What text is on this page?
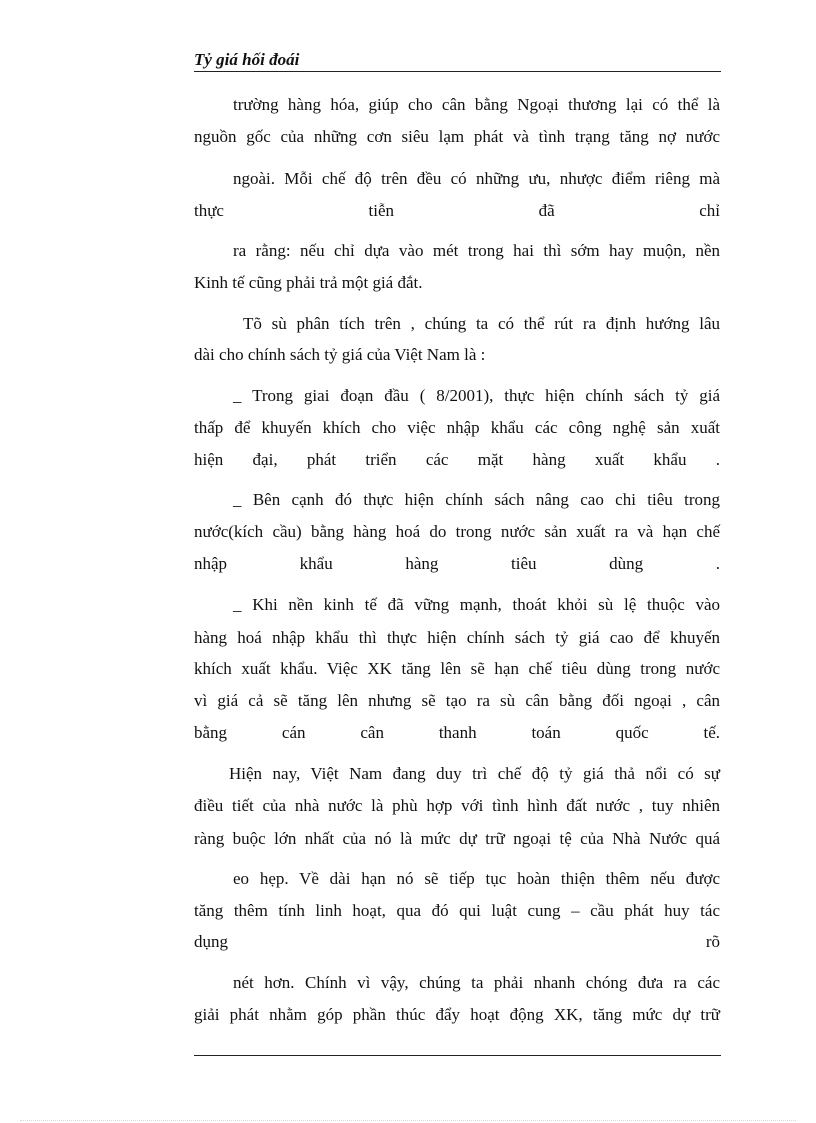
Tỷ giá hối đoái
trường hàng hóa, giúp cho cân bằng Ngoại thương lại có thể là
nguồn gốc của những cơn siêu lạm phát và tình trạng tăng nợ nước
ngoài. Mỗi chế độ trên đều có những ưu, nhược điểm riêng mà
thực tiễn đã chỉ
ra rằng: nếu chỉ dựa vào mét trong hai thì sớm hay muộn, nền
Kinh tế cũng phải trả một giá đắt.
Tõ sù phân tích trên , chúng ta có thể rút ra định hướng lâu
dài cho chính sách tỷ giá của Việt Nam là :
_ Trong giai đoạn đầu ( 8/2001), thực hiện chính sách tỷ giá
thấp để khuyến khích cho việc nhập khẩu các công nghệ sản xuất
hiện đại, phát triển các mặt hàng xuất khẩu .
_ Bên cạnh đó thực hiện chính sách nâng cao chi tiêu trong
nước(kích cầu) bằng hàng hoá do trong nước sản xuất ra và hạn chế
nhập khẩu hàng tiêu dùng .
_ Khi nền kinh tế đã vững mạnh, thoát khỏi sù lệ thuộc vào
hàng hoá nhập khẩu thì thực hiện chính sách tỷ giá cao để khuyến
khích xuất khẩu. Việc XK tăng lên sẽ hạn chế tiêu dùng trong nước
vì giá cả sẽ tăng lên nhưng sẽ tạo ra sù cân bằng đối ngoại , cân
bằng cán cân thanh toán quốc tế.
Hiện nay, Việt Nam đang duy trì chế độ tỷ giá thả nổi có sự
điều tiết của nhà nước là phù hợp với tình hình đất nước , tuy nhiên
ràng buộc lớn nhất của nó là mức dự trữ ngoại tệ của Nhà Nước quá
eo hẹp. Về dài hạn nó sẽ tiếp tục hoàn thiện thêm nếu được
tăng thêm tính linh hoạt, qua đó qui luật cung – cầu phát huy tác
dụng rõ
nét hơn. Chính vì vậy, chúng ta phải nhanh chóng đưa ra các
giải phát nhằm góp phần thúc đẩy hoạt động XK, tăng mức dự trữ
